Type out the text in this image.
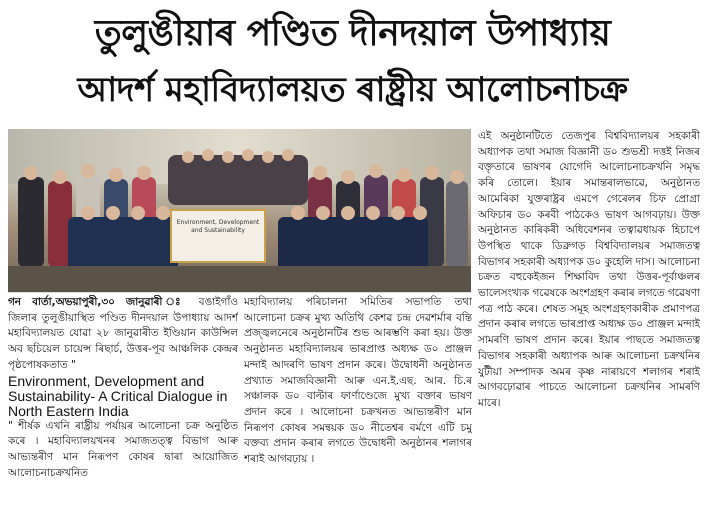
তুলুঙীয়াৰ পণ্ডিত দীনদয়াল উপাধ্যায়
আদৰ্শ মহাবিদ্যালয়ত ৰাষ্ট্ৰীয় আলোচনাচক্ৰ
Environment, Development and Sustainability
গন বাৰ্তা,অভয়াপুৰী,৩০ জানুৱাৰী ঃ বঙাইগাঁও জিলাৰ তুলুঙীয়াস্থিত পণ্ডিত দীনদয়াল উপাধ্যায় আদৰ্শ মহাবিদ্যালয়ত যোৱা ২৮ জানুৱাৰীত ইণ্ডিয়ান কাউন্সিল অব ছচিয়েল চায়েন্স ৰিছাৰ্চ, উত্তৰ-পূব আঞ্চলিক কেন্দ্ৰৰ পৃষ্ঠপোষকতাত "
Environment, Development and Sustainability- A Critical Dialogue in North Eastern India
" শীৰ্ষক এখনি ৰাষ্ট্ৰীয় পৰ্যায়ৰ আলোচনা চক্ৰ অনুষ্ঠিত কৰে । মহাবিদ্যালয়খনৰ সমাজতত্ত্ব বিভাগ আৰু আভ্যন্তৰীণ মান নিৰূপণ কোষৰ দ্বাৰা আয়োজিত আলোচনাচক্ৰখনিত
মহাবিদ্যালয় পৰিচালনা সমিতিৰ সভাপতি তথা আলোচনা চক্ৰৰ মুখ্য অতিথি কেশৱ চন্দ্ৰ দেৱশৰ্মাৰ বন্তি প্ৰজ্জ্বলনেৰে অনুষ্ঠানটিৰ শুভ আৰম্ভণি কৰা হয়। উক্ত অনুষ্ঠানত মহাবিদ্যালয়ৰ ভাৰপ্ৰাপ্ত অধ্যক্ষ ড০ প্ৰাঞ্জল মন্দাই আদৰণি ভাষণ প্ৰদান কৰে। উদ্বোধনী অনুষ্ঠানত প্ৰখ্যাত সমাজবিজ্ঞানী আৰু এন.ই.এছ. আৰ. চি.ৰ সঞ্চালক ড০ বাল্টাৰ ফাৰ্ণাণ্ডেজে মুখ্য বক্তাৰ ভাষণ প্ৰদান কৰে । আলোচনা চক্ৰখনত আভ্যন্তৰীণ মান নিৰূপণ কোষৰ সমন্বয়ক ড০ নীতেশ্বৰ বৰ্মণে এটি চমু বক্তব্য প্ৰদান কৰাৰ লগতে উদ্বোধনী অনুষ্ঠানৰ শলাগৰ শৰাই আগবঢ়ায় ।
এই অনুষ্ঠানটিতে তেজপুৰ বিশ্ববিদ্যালয়ৰ সহকাৰী অধ্যাপক তথা সমাজ বিজ্ঞানী ড০ শুভশ্ৰী দত্তই নিজৰ বক্তৃতাৰে ভাষণৰ যোগেদি আলোচনাচক্ৰখনি সমৃদ্ধ কৰি তোলে। ইয়াৰ সমান্তৰালভাৱে, অনুষ্ঠানত আমেৰিকা যুক্তৰাষ্ট্ৰৰ এমপে গেৰেলৰ চিফ প্ৰোগ্ৰা অফিচাৰ ড০ কৰবী পাঠকেও ভাষণ আগবঢ়ায়। উক্ত অনুষ্ঠানত কাৰিকৰী অধিবেশনৰ তত্বাৱধায়ক হিচাপে উপস্থিত থাকে ডিব্ৰুগড় বিশ্ববিদ্যালয়ৰ সমাজতত্ব বিভাগৰ সহকাৰী অধ্যাপক ড০ কুহেলি দাস। আলোচনা চক্ৰত বহুকেইজন শিক্ষাবিদ তথা উত্তৰ-পূৰ্বাঞ্চলৰ ভালেসংখ্যক গৱেষকে অংশগ্ৰহণ কৰাৰ লগতে গৱেষণা পত্ৰ পাঠ কৰে। শেষত সমূহ অংশগ্ৰহণকাৰীক প্ৰমাণপত্ৰ প্ৰদান কৰাৰ লগতে ভাৰপ্ৰাপ্ত অধ্যক্ষ ড০ প্ৰাঞ্জল মন্দাই সামৰণি ভাষণ প্ৰদান কৰে। ইয়াৰ পাছতে সমাজতত্ব বিভাগৰ সহকাৰী অধ্যাপক আৰু আলোচনা চক্ৰখনিৰ যুটীয়া সম্পাদক অমৰ কৃষ্ণ নাৰায়ণে শলাগৰ শৰাই আগবঢ়োৱাৰ পাচতে আলোচনা চক্ৰখনিৰ সামৰণি মাৰে।
